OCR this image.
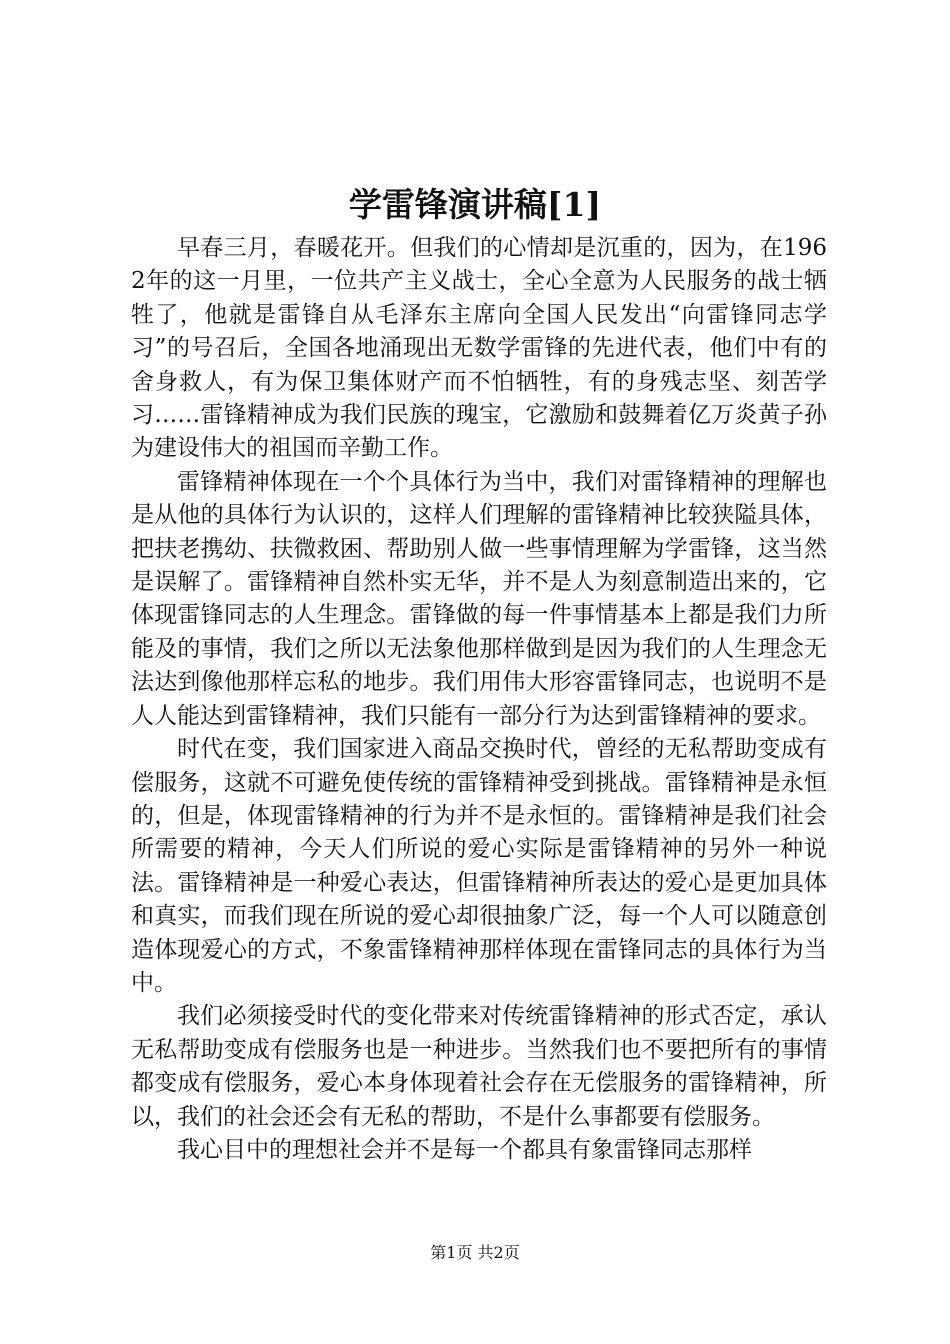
学雷锋演讲稿[1]

早春三月，春暖花开。但我们的心情却是沉重的，因为，在1962年的这一月里，一位共产主义战士，全心全意为人民服务的战士牺牲了，他就是雷锋自从毛泽东主席向全国人民发出“向雷锋同志学习”的号召后，全国各地涌现出无数学雷锋的先进代表，他们中有的舍身救人，有为保卫集体财产而不怕牺牲，有的身残志坚、刻苦学习……雷锋精神成为我们民族的瑰宝，它激励和鼓舞着亿万炎黄子孙为建设伟大的祖国而辛勤工作。

雷锋精神体现在一个个具体行为当中，我们对雷锋精神的理解也是从他的具体行为认识的，这样人们理解的雷锋精神比较狭隘具体，把扶老携幼、扶微救困、帮助别人做一些事情理解为学雷锋，这当然是误解了。雷锋精神自然朴实无华，并不是人为刻意制造出来的，它体现雷锋同志的人生理念。雷锋做的每一件事情基本上都是我们力所能及的事情，我们之所以无法象他那样做到是因为我们的人生理念无法达到像他那样忘私的地步。我们用伟大形容雷锋同志，也说明不是人人能达到雷锋精神，我们只能有一部分行为达到雷锋精神的要求。

时代在变，我们国家进入商品交换时代，曾经的无私帮助变成有偿服务，这就不可避免使传统的雷锋精神受到挑战。雷锋精神是永恒的，但是，体现雷锋精神的行为并不是永恒的。雷锋精神是我们社会所需要的精神，今天人们所说的爱心实际是雷锋精神的另外一种说法。雷锋精神是一种爱心表达，但雷锋精神所表达的爱心是更加具体和真实，而我们现在所说的爱心却很抽象广泛，每一个人可以随意创造体现爱心的方式，不象雷锋精神那样体现在雷锋同志的具体行为当中。

我们必须接受时代的变化带来对传统雷锋精神的形式否定，承认无私帮助变成有偿服务也是一种进步。当然我们也不要把所有的事情都变成有偿服务，爱心本身体现着社会存在无偿服务的雷锋精神，所以，我们的社会还会有无私的帮助，不是什么事都要有偿服务。

我心目中的理想社会并不是每一个都具有象雷锋同志那样

第1页 共2页
